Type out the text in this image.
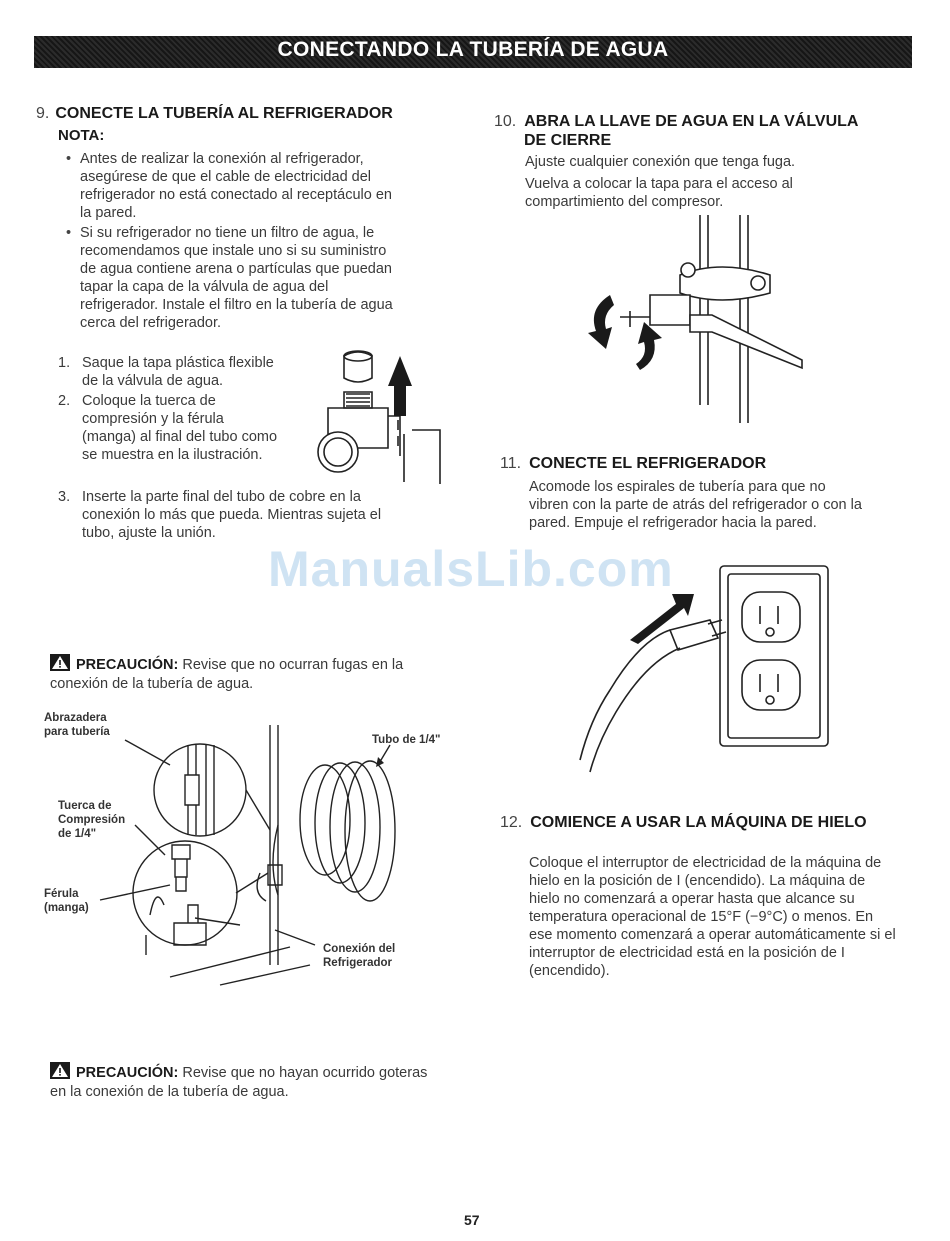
CONECTANDO LA TUBERÍA DE AGUA
9. CONECTE LA TUBERÍA AL REFRIGERADOR
NOTA:
• Antes de realizar la conexión al refrigerador, asegúrese de que el cable de electricidad del refrigerador no está conectado al receptáculo en la pared.
• Si su refrigerador no tiene un filtro de agua, le recomendamos que instale uno si su suministro de agua contiene arena o partículas que puedan tapar la capa de la válvula de agua del refrigerador. Instale el filtro en la tubería de agua cerca del refrigerador.
1. Saque la tapa plástica flexible de la válvula de agua.
2. Coloque la tuerca de compresión y la férula (manga) al final del tubo como se muestra en la ilustración.
3. Inserte la parte final del tubo de cobre en la conexión lo más que pueda. Mientras sujeta el tubo, ajuste la unión.
PRECAUCIÓN: Revise que no ocurran fugas en la conexión de la tubería de agua.
Abrazadera para tubería
Tubo de 1/4"
Tuerca de Compresión de 1/4"
Férula (manga)
Conexión del Refrigerador
PRECAUCIÓN: Revise que no hayan ocurrido goteras en la conexión de la tubería de agua.
10. ABRA LA LLAVE DE AGUA EN LA VÁLVULA DE CIERRE
Ajuste cualquier conexión que tenga fuga.
Vuelva a colocar la tapa para el acceso al compartimiento del compresor.
11. CONECTE EL REFRIGERADOR
Acomode los espirales de tubería para que no vibren con la parte de atrás del refrigerador o con la pared. Empuje el refrigerador hacia la pared.
12. COMIENCE A USAR LA MÁQUINA DE HIELO
Coloque el interruptor de electricidad de la máquina de hielo en la posición de I (encendido). La máquina de hielo no comenzará a operar hasta que alcance su temperatura operacional de 15°F (−9°C) o menos. En ese momento comenzará a operar automáticamente si el interruptor de electricidad está en la posición de I (encendido).
ManualsLib.com
57
